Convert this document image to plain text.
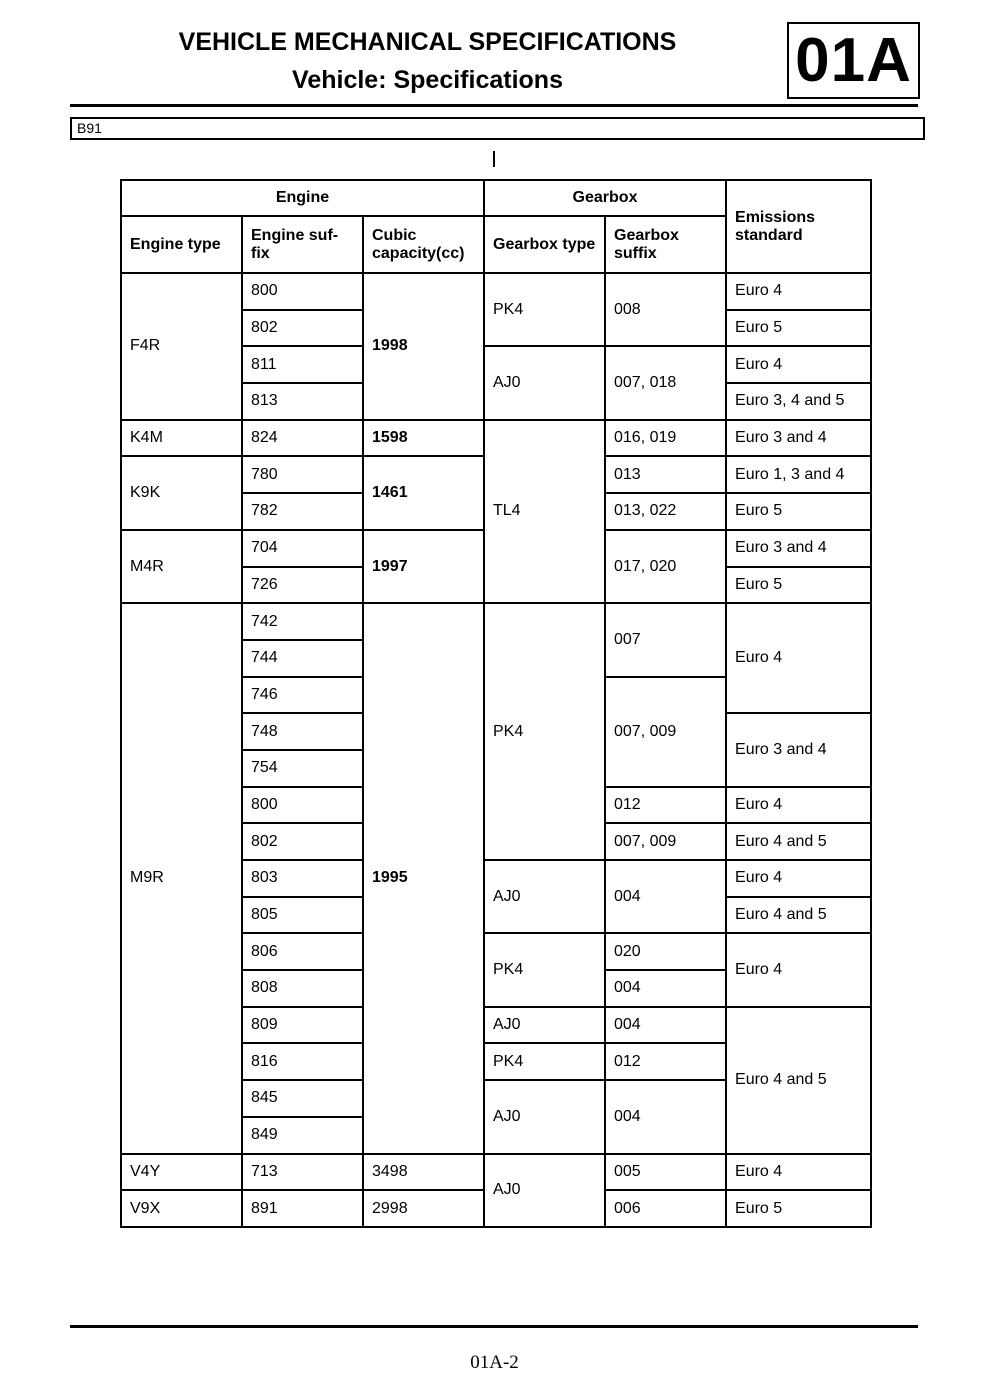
VEHICLE MECHANICAL SPECIFICATIONS
Vehicle: Specifications	01A
B91
Engine			Gearbox		Emissions standard
Engine type	Engine suf-fix	Cubic capacity(cc)	Gearbox type	Gearbox suffix	
F4R	800	1998	PK4	008	Euro 4
	802				Euro 5
	811		AJ0	007, 018	Euro 4
	813				Euro 3, 4 and 5
K4M	824	1598	TL4	016, 019	Euro 3 and 4
K9K	780	1461		013	Euro 1, 3 and 4
	782			013, 022	Euro 5
M4R	704	1997		017, 020	Euro 3 and 4
	726				Euro 5
M9R	742	1995	PK4	007	Euro 4
	744				
	746			007, 009	
	748				Euro 3 and 4
	754				
	800			012	Euro 4
	802			007, 009	Euro 4 and 5
	803		AJ0	004	Euro 4
	805				Euro 4 and 5
	806		PK4	020	Euro 4
	808			004	
	809		AJ0	004	Euro 4 and 5
	816		PK4	012	
	845		AJ0	004	
	849				
V4Y	713	3498	AJ0	005	Euro 4
V9X	891	2998		006	Euro 5
01A-2
